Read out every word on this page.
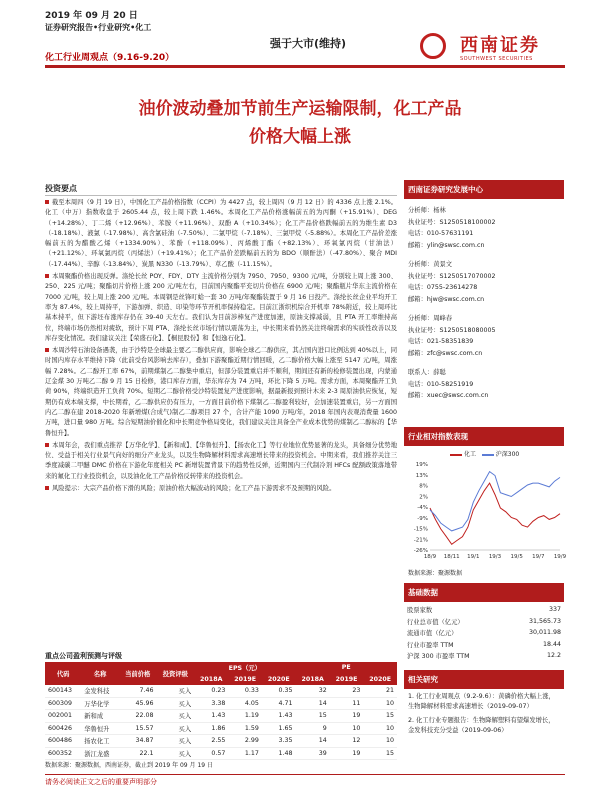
2019 年 09 月 20 日
证券研究报告•行业研究•化工
化工行业周观点（9.16-9.20）
强于大市(维持)	西南证券
SOUTHWEST SECURITIES
油价波动叠加节前生产运输限制，化工产品
价格大幅上涨
投资要点

截至本周四（9 月 19 日），中国化工产品价格指数（CCPI）为 4427 点，较上周四（9 月 12 日）的 4336 点上涨 2.1%。化工（中万）指数收盘于 2605.44 点，较上周下跌 1.46%。本周化工产品价格涨幅前五的为丙酮（+15.91%）、DEG（+14.28%）、丁二烯（+12.96%）、苯胺（+11.96%）、双酚 A（+10.34%）；化工产品价格跌幅前五的为维生素 D3（-18.18%）、液氯（-17.98%）、高含氯硅油（-7.50%）、二氯甲烷（-7.18%）、三氯甲烷（-5.88%）。本周化工产品价差涨幅前五的为醋酸乙烯（+1334.90%）、苯酚（+118.09%）、丙烯酸丁酯（+82.13%）、环氧氯丙烷（甘油法）（+21.12%）、环氧氯丙烷（丙烯法）（+19.41%）；化工产品价差跌幅前五的为 BDO（顺酐法）（-47.80%）、聚合 MDI（-17.44%）、辛醇（-13.84%）、炭黑 N330（-13.79%）、草乙酸（-11.15%）。

本周聚酯价格出现反弹。涤纶长丝 POY、FDY、DTY 主流价格分别为 7950、7950、9300 元/吨，分别较上周上涨 300、250、225 元/吨；聚酯切片价格上涨 200 元/吨左右，目前国内聚酯平充切片价格在 6900 元/吨；聚酯瓶片华东主流价格在 7000 元/吨，较上周上涨 200 元/吨。本周钢是丝锋叮蛤一套 30 万吨/年聚酯装置于 9 月 16 日投产。涤纶长丝企业平均开工率为 87.4%，较上周持平，下游加弹、织造、印染等环节开机率保持稳定。目前江浙织机综合开机率 78%附近，较上周环比基本持平，但下游坯布涨库存仍在 39-40 天左右。我们认为目前涉棒复产进度加速，原油支撑减弱，且 PTA 开工率维持高位，终端市场仍然相对疲软，预计下周 PTA、涤纶长丝市场行情以震荡为主，中长期来看仍然关注终端需求的实质性改善以及库存变化情况。我们建议关注【荣盛石化】、【桐昆股份】和【恒逸石化】。

本周沙特石油设备遇袭，由于沙特是全球最主要乙二醇供应商，影响全球乙二醇供应，其占国内进口比例达到 40%以上，同时国内库存水平维持下降（此前受台风影响去库存），叠加下游聚酯近期行情回暖，乙二醇价格大幅上涨至 5147 元/吨，周涨幅 7.28%。乙二醇开工率 67%，前期煤制乙二醇集中重启，但部分装置重启并不顺利，期间还有新的检修装置出现，内蒙通辽金煤 30 万吨乙二醇 9 月 15 日检修，港口库存方面，华东库存为 74 万吨，环比下降 5 万吨。需求方面，本周聚酯开工负荷 90%，终端织造开工负荷 70%。短期乙二醇价格受沙特装置复产进度影响，据最新报到预计木来 2-3 周原油供应恢复，短期仍有成本端支撑，中长期看，乙二醇供应仍有压力，一方面目前价格下煤制乙二醇盈利较好，会加速装置重启，另一方面国内乙二醇在建 2018-2020 年新增煤(合成气)制乙二醇项目 27 个，合计产能 1090 万吨/年，2018 年国内表观消费量 1600 万吨，进口量 980 万吨。综合短期油价催化和中长期竞争格局变化，我们建议关注具备全产业成本优势的煤制乙二醇标的【华鲁恒升】。

本周年会，我们重点推荐【万华化学】、【新和成】、【华鲁恒升】、【扬农化工】等行业地位优势显著的龙头，具备细分优势地位、受益于相关行业景气向好的细分产业龙头，以及生物降解材料需求高速增长带来的投资机会。中期来看，我们推荐关注三季度减碳二甲醚 DMC 价格在下游化年度相关 PC 新增装置背景下的趋势性反弹，近期国内三代制冷剂 HFCs 配额政策落地带来的氟化工行业投资机会，以及油化化工产品价格反转带来的投资机会。

风险提示：大宗产品价格下滑的风险；原油价格大幅波动的风险；化工产品下游需求不及预期的风险。

重点公司盈利预测与评级
代码	名称	当前价格	投资评级	EPS（元）			PE		
				2018A	2019E	2020E	2018A	2019E	2020E
600143	金发科技	7.46	买入	0.23	0.33	0.35	32	23	21
600309	万华化学	45.96	买入	3.38	4.05	4.71	14	11	10
002001	新和成	22.08	买入	1.43	1.19	1.43	15	19	15
600426	华鲁恒升	15.57	买入	1.86	1.59	1.65	9	10	10
600486	扬农化工	34.87	买入	2.55	2.99	3.35	14	12	10
600352	浙江龙盛	22.1	买入	0.57	1.17	1.48	39	19	15
数据来源：聚源数据，西南证券，截止到 2019 年 09 月 19 日
西南证券研究发展中心
分析师：杨林
执业证号：S1250518100002
电话：010-57631191
邮箱：ylin@swsc.com.cn
分析师：黄景文
执业证号：S1250517070002
电话：0755-23614278
邮箱：hjw@swsc.com.cn
分析师：周峰春
执业证号：S1250518080005
电话：021-58351839
邮箱：zfc@swsc.com.cn
联系人：薛聪
电话：010-58251919
邮箱：xuec@swsc.com.cn
行业相对指数表现
化工	沪深300
19%
13%
8%
2%
-4%
-9%
-15%
-21%
-26%
18/9 18/11 19/1 19/3 19/5 19/7 19/9
数据来源：聚源数据
基础数据
股票家数	337
行业总市值（亿元）	31,565.73
流通市值（亿元）	30,011.98
行业市盈率 TTM	18.44
沪深 300 市盈率 TTM	12.2
相关研究
1. 化工行业周观点（9.2-9.6）：黄磷价格大幅上涨，生物降解材料需求高速增长（2019-09-07）
2. 化工行业专题报告：生物降解塑料有望爆发增长，金发科技充分受益（2019-09-06）
请务必阅读正文之后的重要声明部分
